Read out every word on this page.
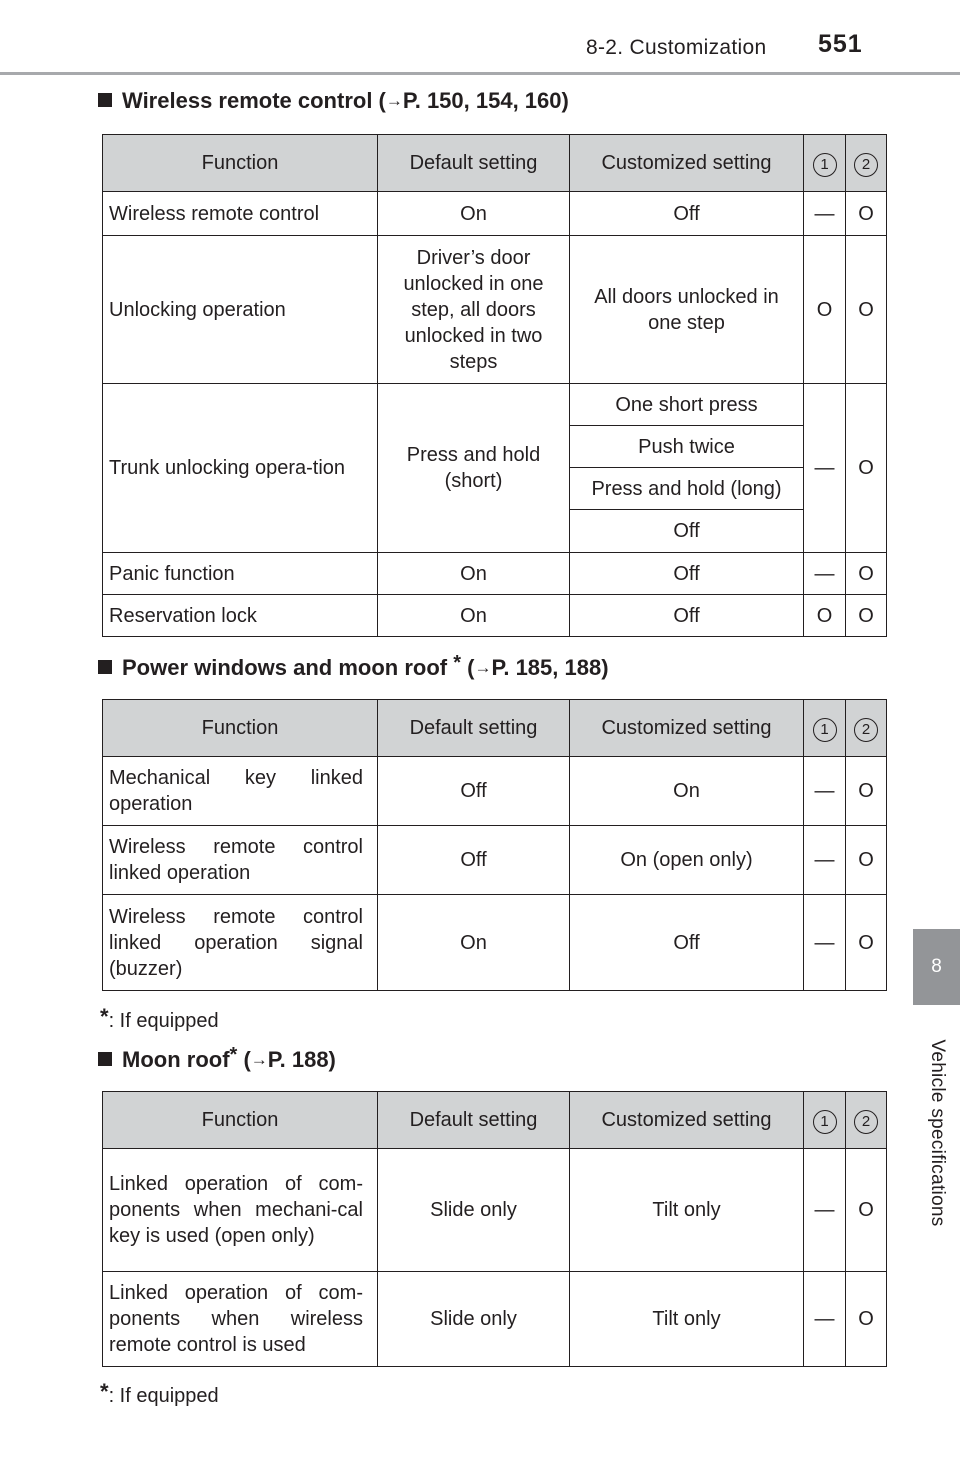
8-2. Customization 551
8
Vehicle specifications
Wireless remote control (→P. 150, 154, 160)
Function	Default setting	Customized setting	1	2
Wireless remote control	On	Off	—	O
Unlocking operation	Driver’s door unlocked in one step, all doors unlocked in two steps	All doors unlocked in one step	O	O

Trunk unlocking opera-tion	Press and hold (short)	One short press	—	O
		Push twice		
		Press and hold (long)		
		Off		
Panic function	On	Off	—	O
Reservation lock	On	Off	O	O
Power windows and moon roof * (→P. 185, 188)
Function	Default setting	Customized setting	1	2
Mechanical key linked operation	Off	On	—	O
Wireless remote control linked operation	Off	On (open only)	—	O
Wireless remote control linked operation signal (buzzer)	On	Off	—	O
*: If equipped
Moon roof* (→P. 188)
Function	Default setting	Customized setting	1	2
Linked operation of com-ponents when mechani-cal key is used (open only)	Slide only	Tilt only	—	O
Linked operation of com-ponents when wireless remote control is used	Slide only	Tilt only	—	O
*: If equipped
